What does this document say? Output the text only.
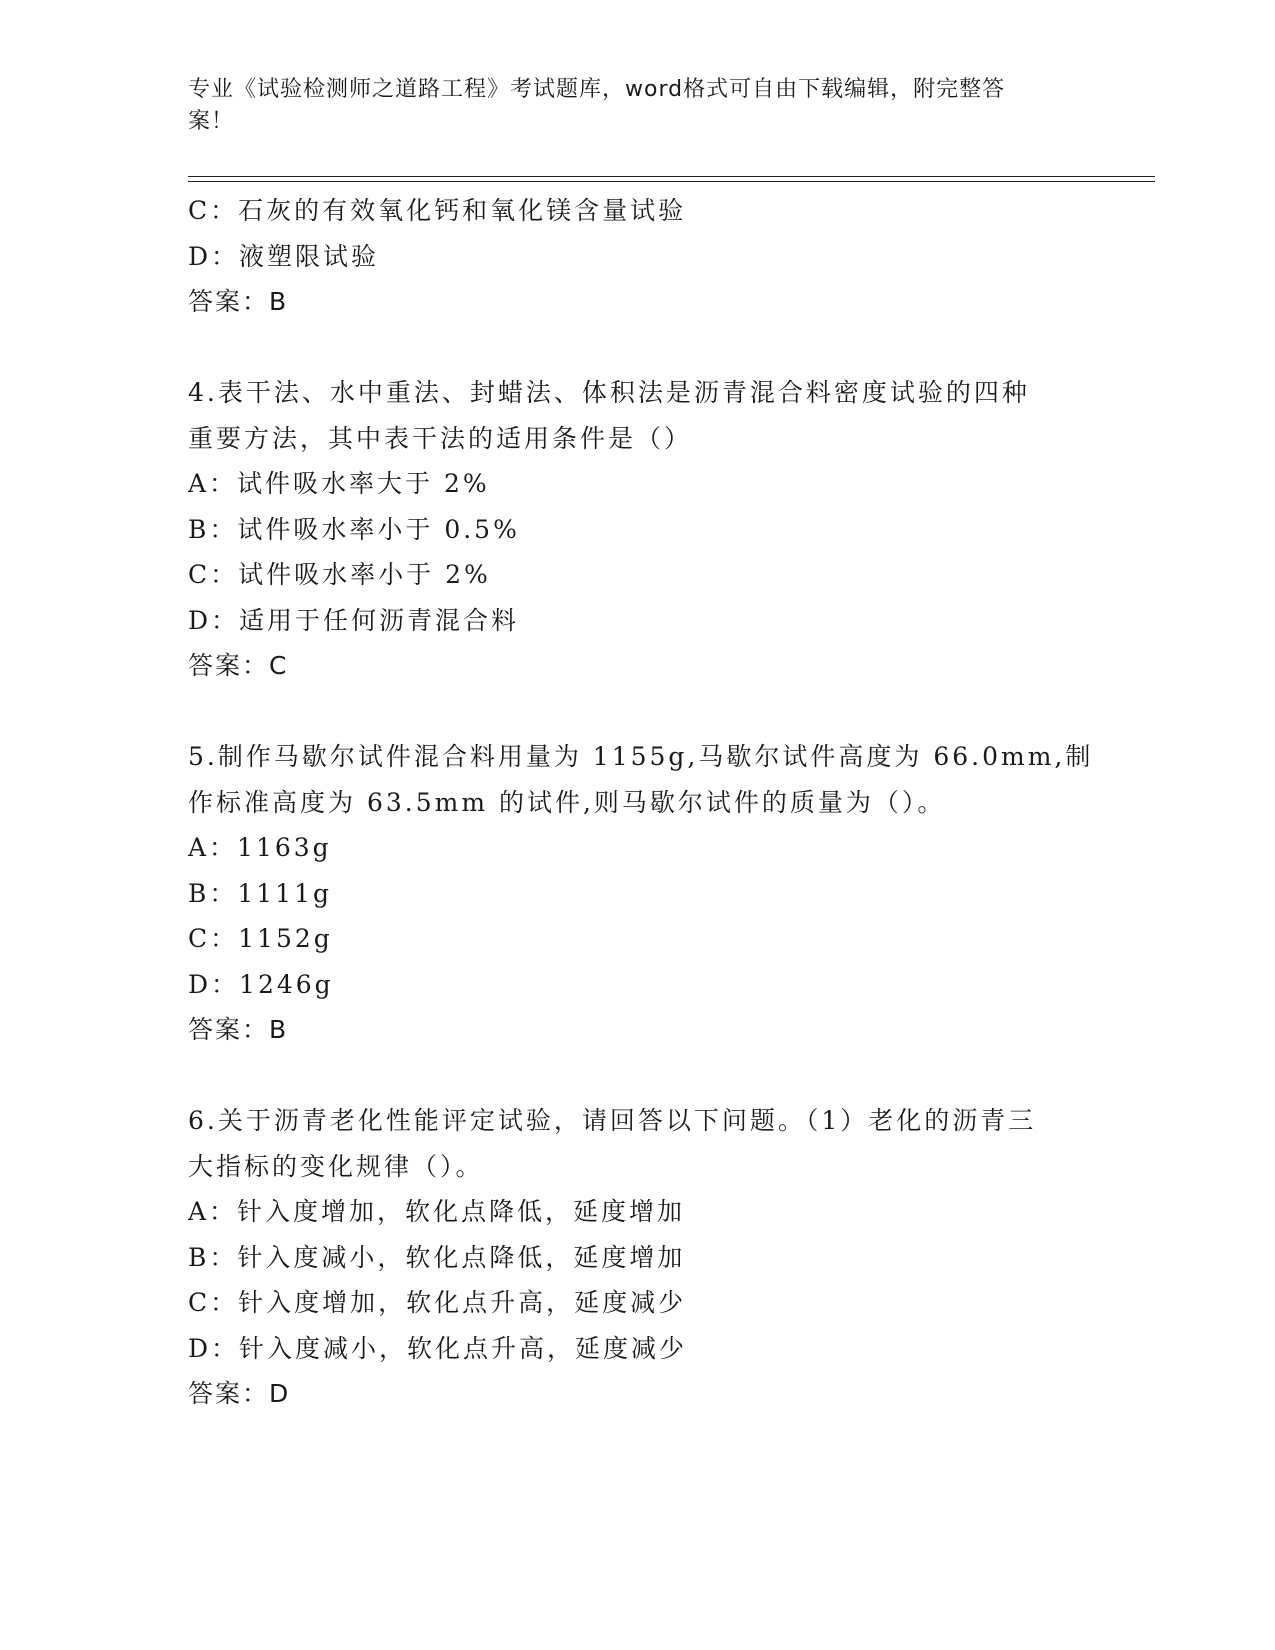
专业《试验检测师之道路工程》考试题库，word格式可自由下载编辑，附完整答
案！
C：石灰的有效氧化钙和氧化镁含量试验
D：液塑限试验
答案：B
4.表干法、水中重法、封蜡法、体积法是沥青混合料密度试验的四种
重要方法，其中表干法的适用条件是（）
A：试件吸水率大于 2%
B：试件吸水率小于 0.5%
C：试件吸水率小于 2%
D：适用于任何沥青混合料
答案：C
5.制作马歇尔试件混合料用量为 1155g,马歇尔试件高度为 66.0mm,制
作标准高度为 63.5mm 的试件,则马歇尔试件的质量为（）。
A：1163g
B：1111g
C：1152g
D：1246g
答案：B
6.关于沥青老化性能评定试验，请回答以下问题。（1）老化的沥青三
大指标的变化规律（）。
A：针入度增加，软化点降低，延度增加
B：针入度减小，软化点降低，延度增加
C：针入度增加，软化点升高，延度减少
D：针入度减小，软化点升高，延度减少
答案：D
